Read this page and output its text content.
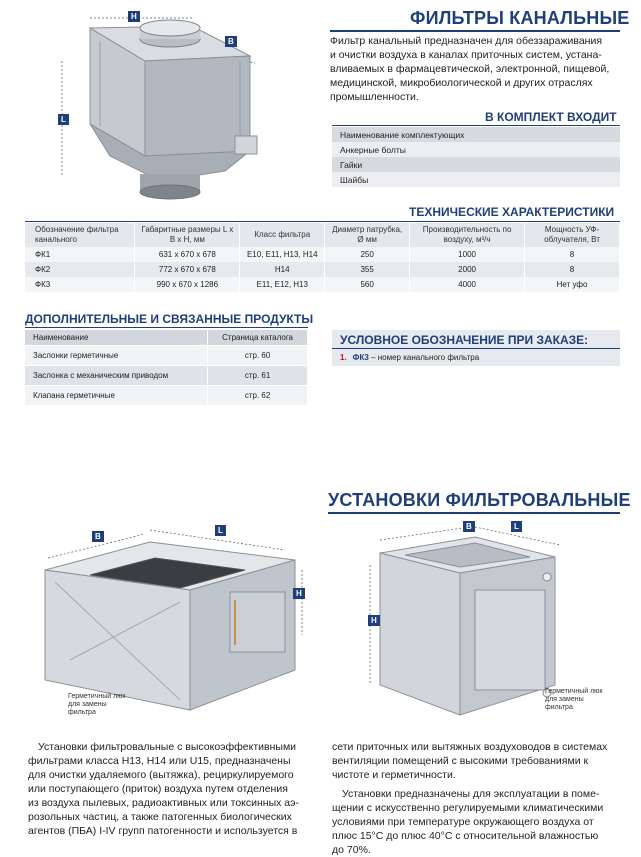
H
B
L
ФИЛЬТРЫ КАНАЛЬНЫЕ
Фильтр канальный предназначен для обеззараживания
и очистки воздуха в каналах приточных систем, устана-
вливаемых в фармацевтической, электронной, пищевой,
медицинской, микробиологической и других отраслях
промышленности.
В КОМПЛЕКТ ВХОДИТ
Наименование комплектующих
Анкерные болты
Гайки
Шайбы
ТЕХНИЧЕСКИЕ ХАРАКТЕРИСТИКИ
Обозначение фильтра канального	Габаритные размеры L x B x H, мм	Класс фильтра	Диаметр патрубка, Ø мм	Производительность по воздуху, м³/ч	Мощность УФ-облучателя, Вт
ФК1	631 x 670 x 678	E10, E11, H13, H14	250	1000	8
ФК2	772 x 670 x 678	H14	355	2000	8
ФК3	990 x 670 x 1286	E11, E12, H13	560	4000	Нет уфо
ДОПОЛНИТЕЛЬНЫЕ И СВЯЗАННЫЕ ПРОДУКТЫ
Наименование	Страница каталога
Заслонки герметичные	стр. 60
Заслонка с механическим приводом	стр. 61
Клапана герметичные	стр. 62
УСЛОВНОЕ ОБОЗНАЧЕНИЕ ПРИ ЗАКАЗЕ:
1. ФК3 – номер канального фильтра
УСТАНОВКИ ФИЛЬТРОВАЛЬНЫЕ
B
L
H
Герметичный люк
для замены
фильтра
B	L
H
Герметичный люк
для замены
фильтра
Установки фильтровальные с высокоэффективными
фильтрами класса H13, H14 или U15, предназначены
для очистки удаляемого (вытяжка), рециркулируемого
или поступающего (приток) воздуха путем отделения
из воздуха пылевых, радиоактивных или токсинных аэ-
розольных частиц, а также патогенных биологических
агентов (ПБА) I-IV групп патогенности и используется в
сети приточных или вытяжных воздуховодов в системах
вентиляции помещений с высокими требованиями к
чистоте и герметичности.
Установки предназначены для эксплуатации в поме-
щении с искусственно регулируемыми климатическими
условиями при температуре окружающего воздуха от
плюс 15°С до плюс 40°С с относительной влажностью
до 70%.
